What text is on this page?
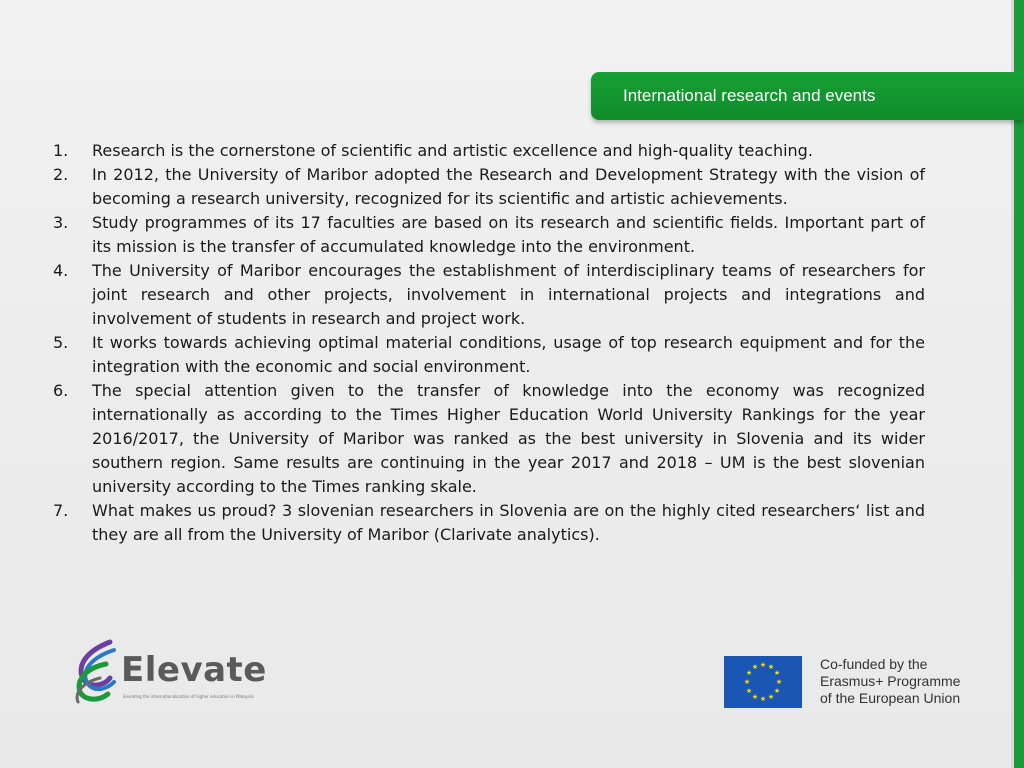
International research and events
1.	Research is the cornerstone of scientific and artistic excellence and high-quality teaching.
2.	In 2012, the University of Maribor adopted the Research and Development Strategy with the vision of becoming a research university, recognized for its scientific and artistic achievements.
3.	Study programmes of its 17 faculties are based on its research and scientific fields. Important part of its mission is the transfer of accumulated knowledge into the environment.
4.	The University of Maribor encourages the establishment of interdisciplinary teams of researchers for joint research and other projects, involvement in international projects and integrations and involvement of students in research and project work.
5.	It works towards achieving optimal material conditions, usage of top research equipment and for the integration with the economic and social environment.
6.	The special attention given to the transfer of knowledge into the economy was recognized internationally as according to the Times Higher Education World University Rankings for the year 2016/2017, the University of Maribor was ranked as the best university in Slovenia and its wider southern region. Same results are continuing in the year 2017 and 2018 – UM is the best slovenian university according to the Times ranking skale.
7.	What makes us proud? 3 slovenian researchers in Slovenia are on the highly cited researchers‘ list and they are all from the University of Maribor (Clarivate analytics).
Elevate
Elevating the internationalisation of higher education in Malaysia
★ ★
★
★
★
★
★
★
★
★
★
★	Co-funded by the
Erasmus+ Programme
of the European Union
